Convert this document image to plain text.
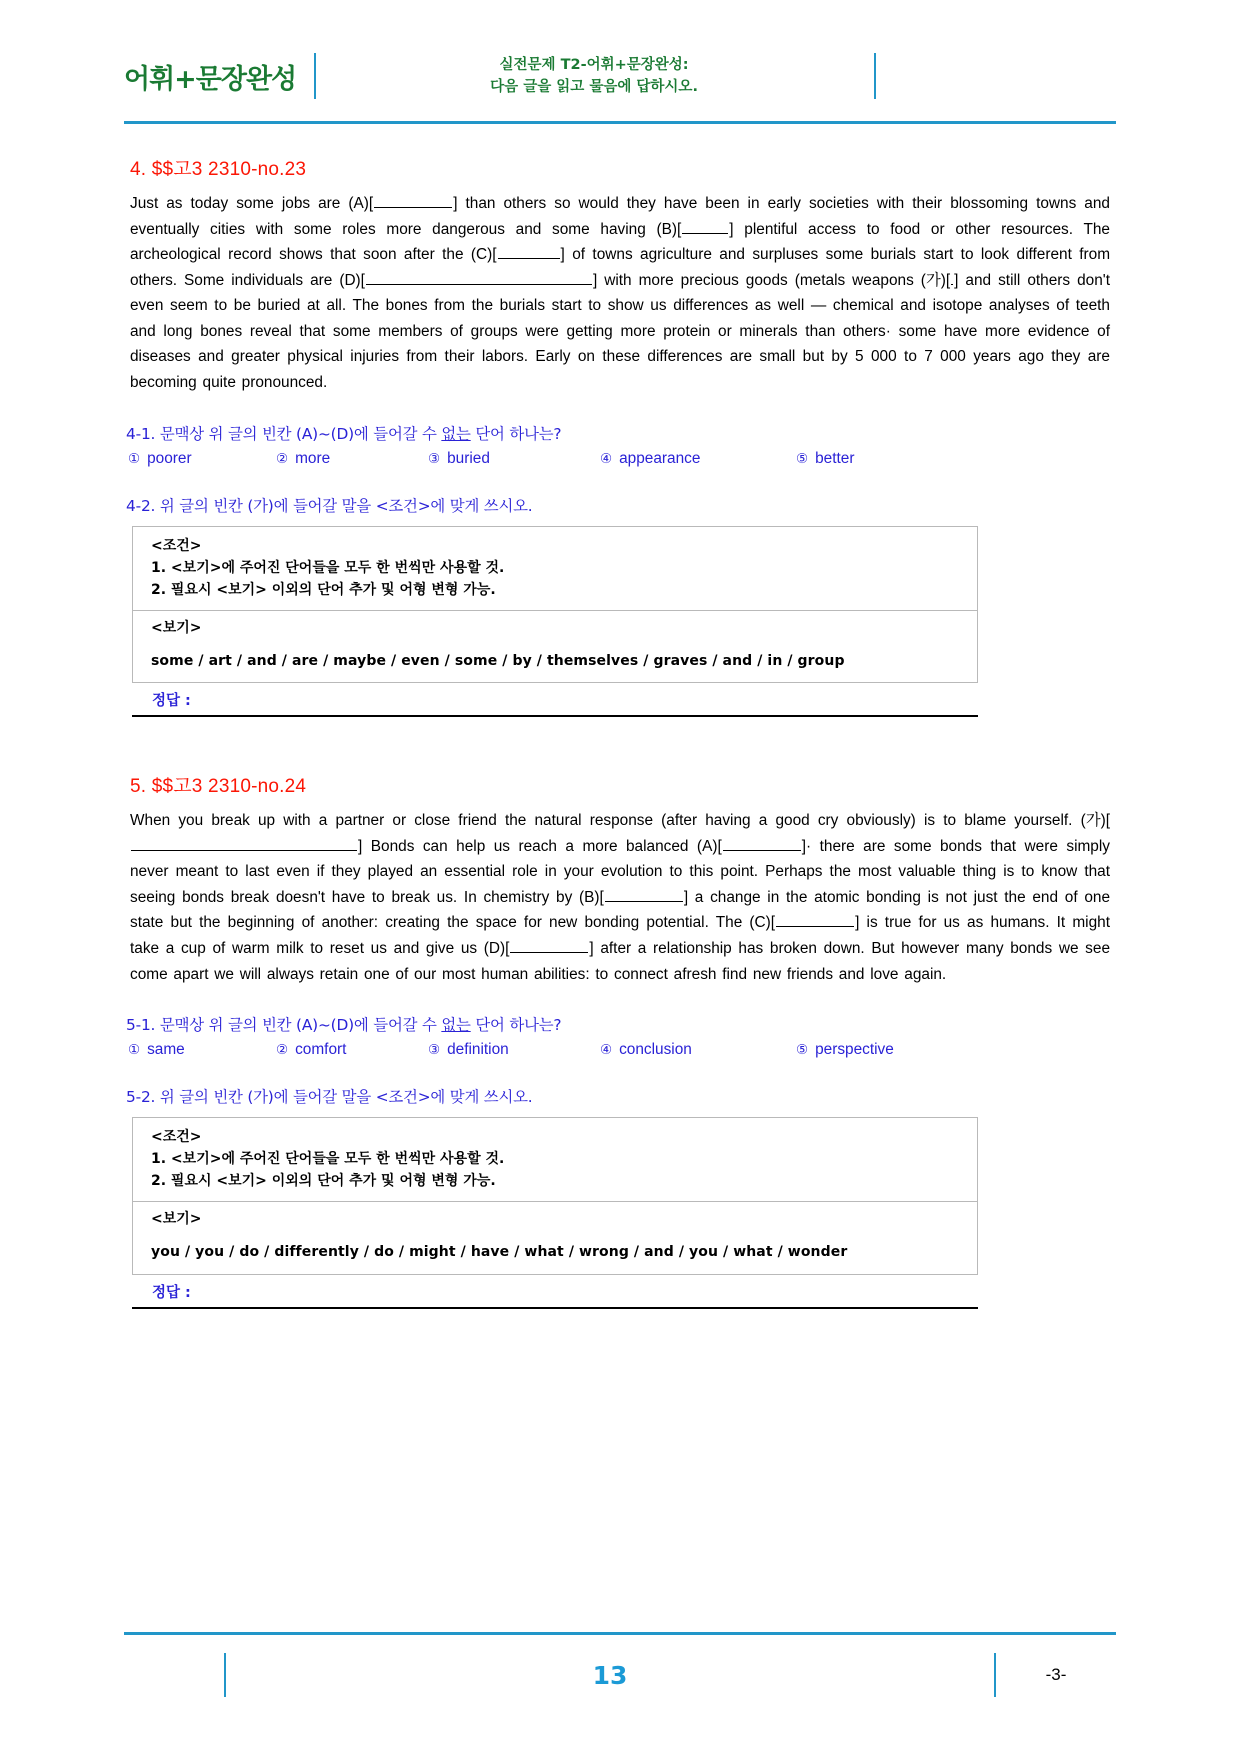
어휘+문장완성	실전문제 T2-어휘+문장완성:
다음 글을 읽고 물음에 답하시오.
4. $$고3 2310-no.23
Just as today some jobs are (A)[	] than others so would they have been in early societies with their blossoming towns and eventually cities with some roles more dangerous and some having (B)[	] plentiful access to food or other resources. The archeological record shows that soon after the (C)[	] of towns agriculture and surpluses some burials start to look different from others. Some individuals are (D)[	] with more precious goods (metals weapons (가)[ ] and still others don't even seem to be buried at all. The bones from the burials start to show us differences as well — chemical and isotope analyses of teeth and long bones reveal that some members of groups were getting more protein or minerals than others· some have more evidence of diseases and greater physical injuries from their labors. Early on these differences are small but by 5 000 to 7 000 years ago they are becoming quite pronounced.
4-1. 문맥상 위 글의 빈칸 (A)~(D)에 들어갈 수 없는 단어 하나는?
① poorer	② more	③ buried	④ appearance	⑤ better
4-2. 위 글의 빈칸 (가)에 들어갈 말을 <조건>에 맞게 쓰시오.
<조건>
1. <보기>에 주어진 단어들을 모두 한 번씩만 사용할 것.
2. 필요시 <보기> 이외의 단어 추가 및 어형 변형 가능.
<보기>
some / art / and / are / maybe / even / some / by / themselves / graves / and / in / group
정답 :
5. $$고3 2310-no.24
When you break up with a partner or close friend the natural response (after having a good cry obviously) is to blame yourself. (가)[] Bonds can help us reach a more balanced (A)[	]· there are some bonds that were simply never meant to last even if they played an essential role in your evolution to this point. Perhaps the most valuable thing is to know that seeing bonds break doesn't have to break us. In chemistry by (B)[	] a change in the atomic bonding is not just the end of one state but the beginning of another: creating the space for new bonding potential. The (C)[	] is true for us as humans. It might take a cup of warm milk to reset us and give us (D)[	] after a relationship has broken down. But however many bonds we see come apart we will always retain one of our most human abilities: to connect afresh find new friends and love again.
5-1. 문맥상 위 글의 빈칸 (A)~(D)에 들어갈 수 없는 단어 하나는?
① same	② comfort	③ definition	④ conclusion	⑤ perspective
5-2. 위 글의 빈칸 (가)에 들어갈 말을 <조건>에 맞게 쓰시오.
<조건>
1. <보기>에 주어진 단어들을 모두 한 번씩만 사용할 것.
2. 필요시 <보기> 이외의 단어 추가 및 어형 변형 가능.
<보기>
you / you / do / differently / do / might / have / what / wrong / and / you / what / wonder
정답 :
13	-3-
